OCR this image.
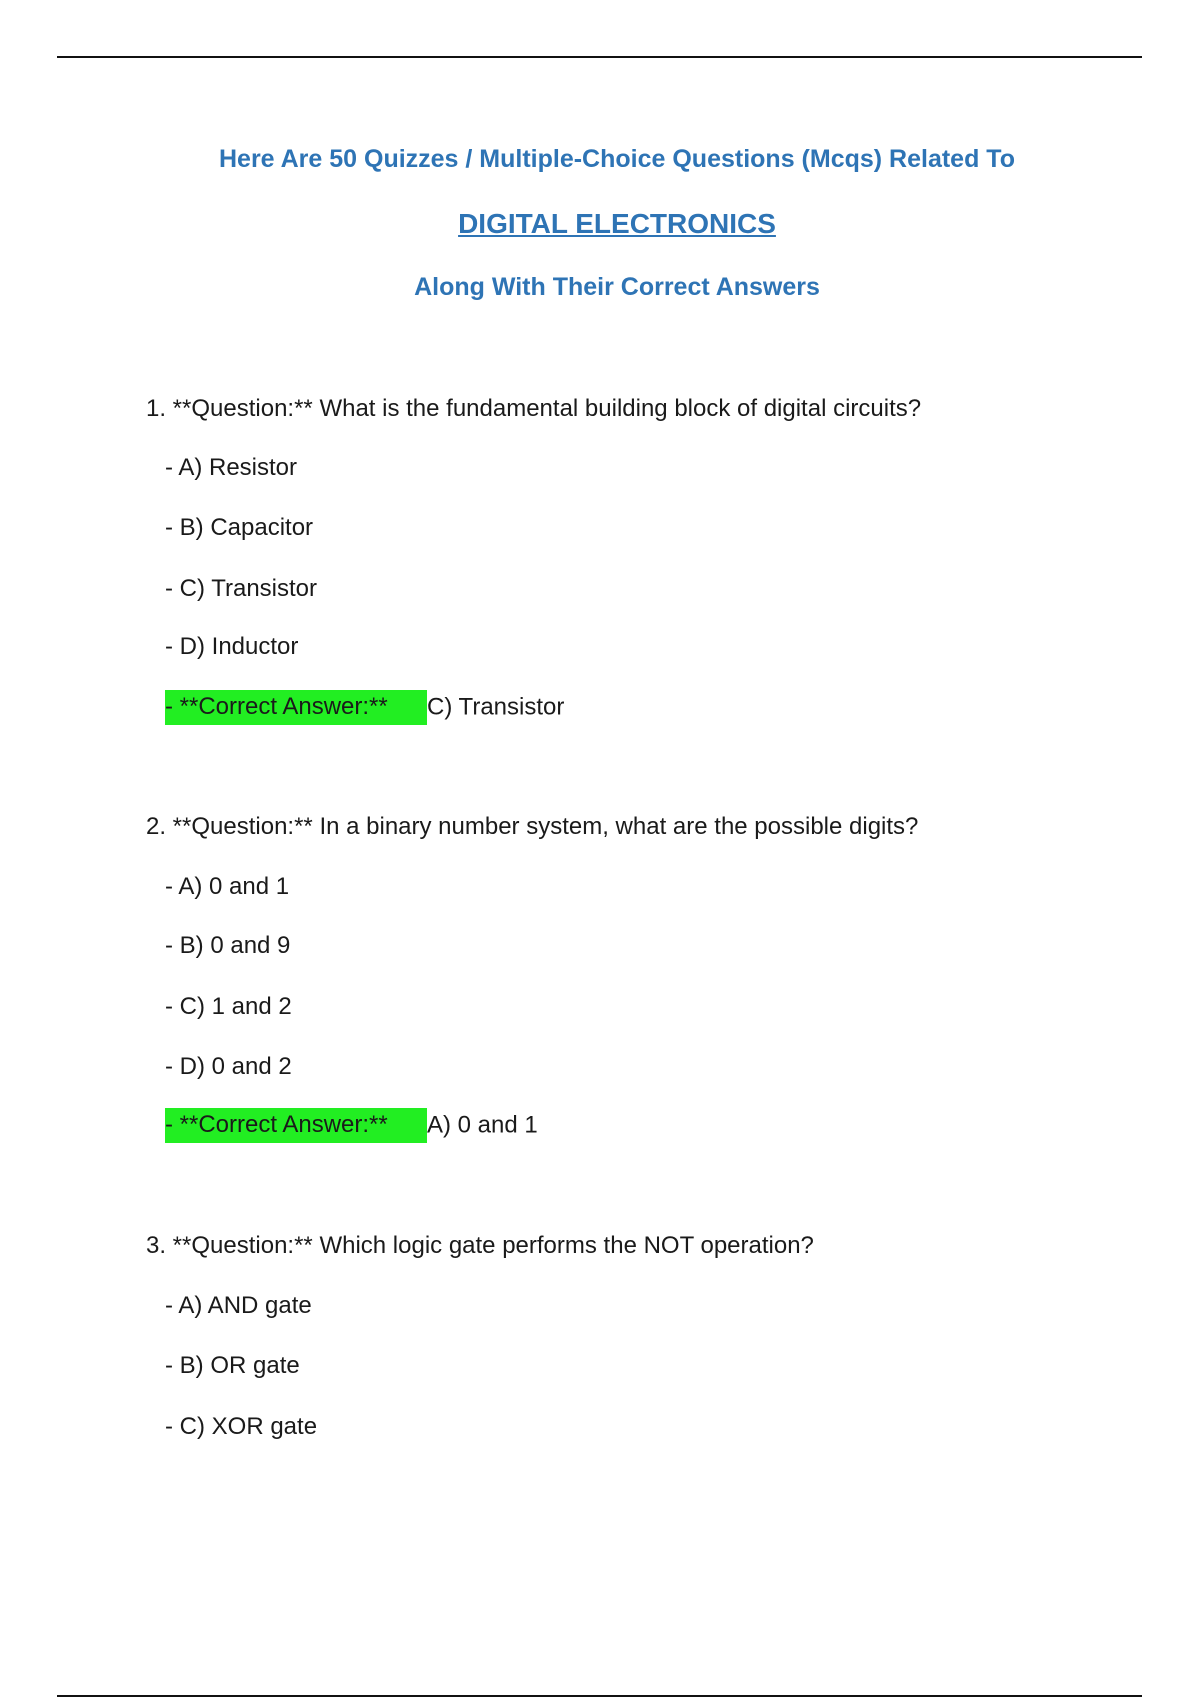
Here Are 50 Quizzes / Multiple-Choice Questions (Mcqs) Related To
DIGITAL ELECTRONICS
Along With Their Correct Answers
1. **Question:** What is the fundamental building block of digital circuits?
- A) Resistor
- B) Capacitor
- C) Transistor
- D) Inductor
- **Correct Answer:** C) Transistor
2. **Question:** In a binary number system, what are the possible digits?
- A) 0 and 1
- B) 0 and 9
- C) 1 and 2
- D) 0 and 2
- **Correct Answer:** A) 0 and 1
3. **Question:** Which logic gate performs the NOT operation?
- A) AND gate
- B) OR gate
- C) XOR gate
